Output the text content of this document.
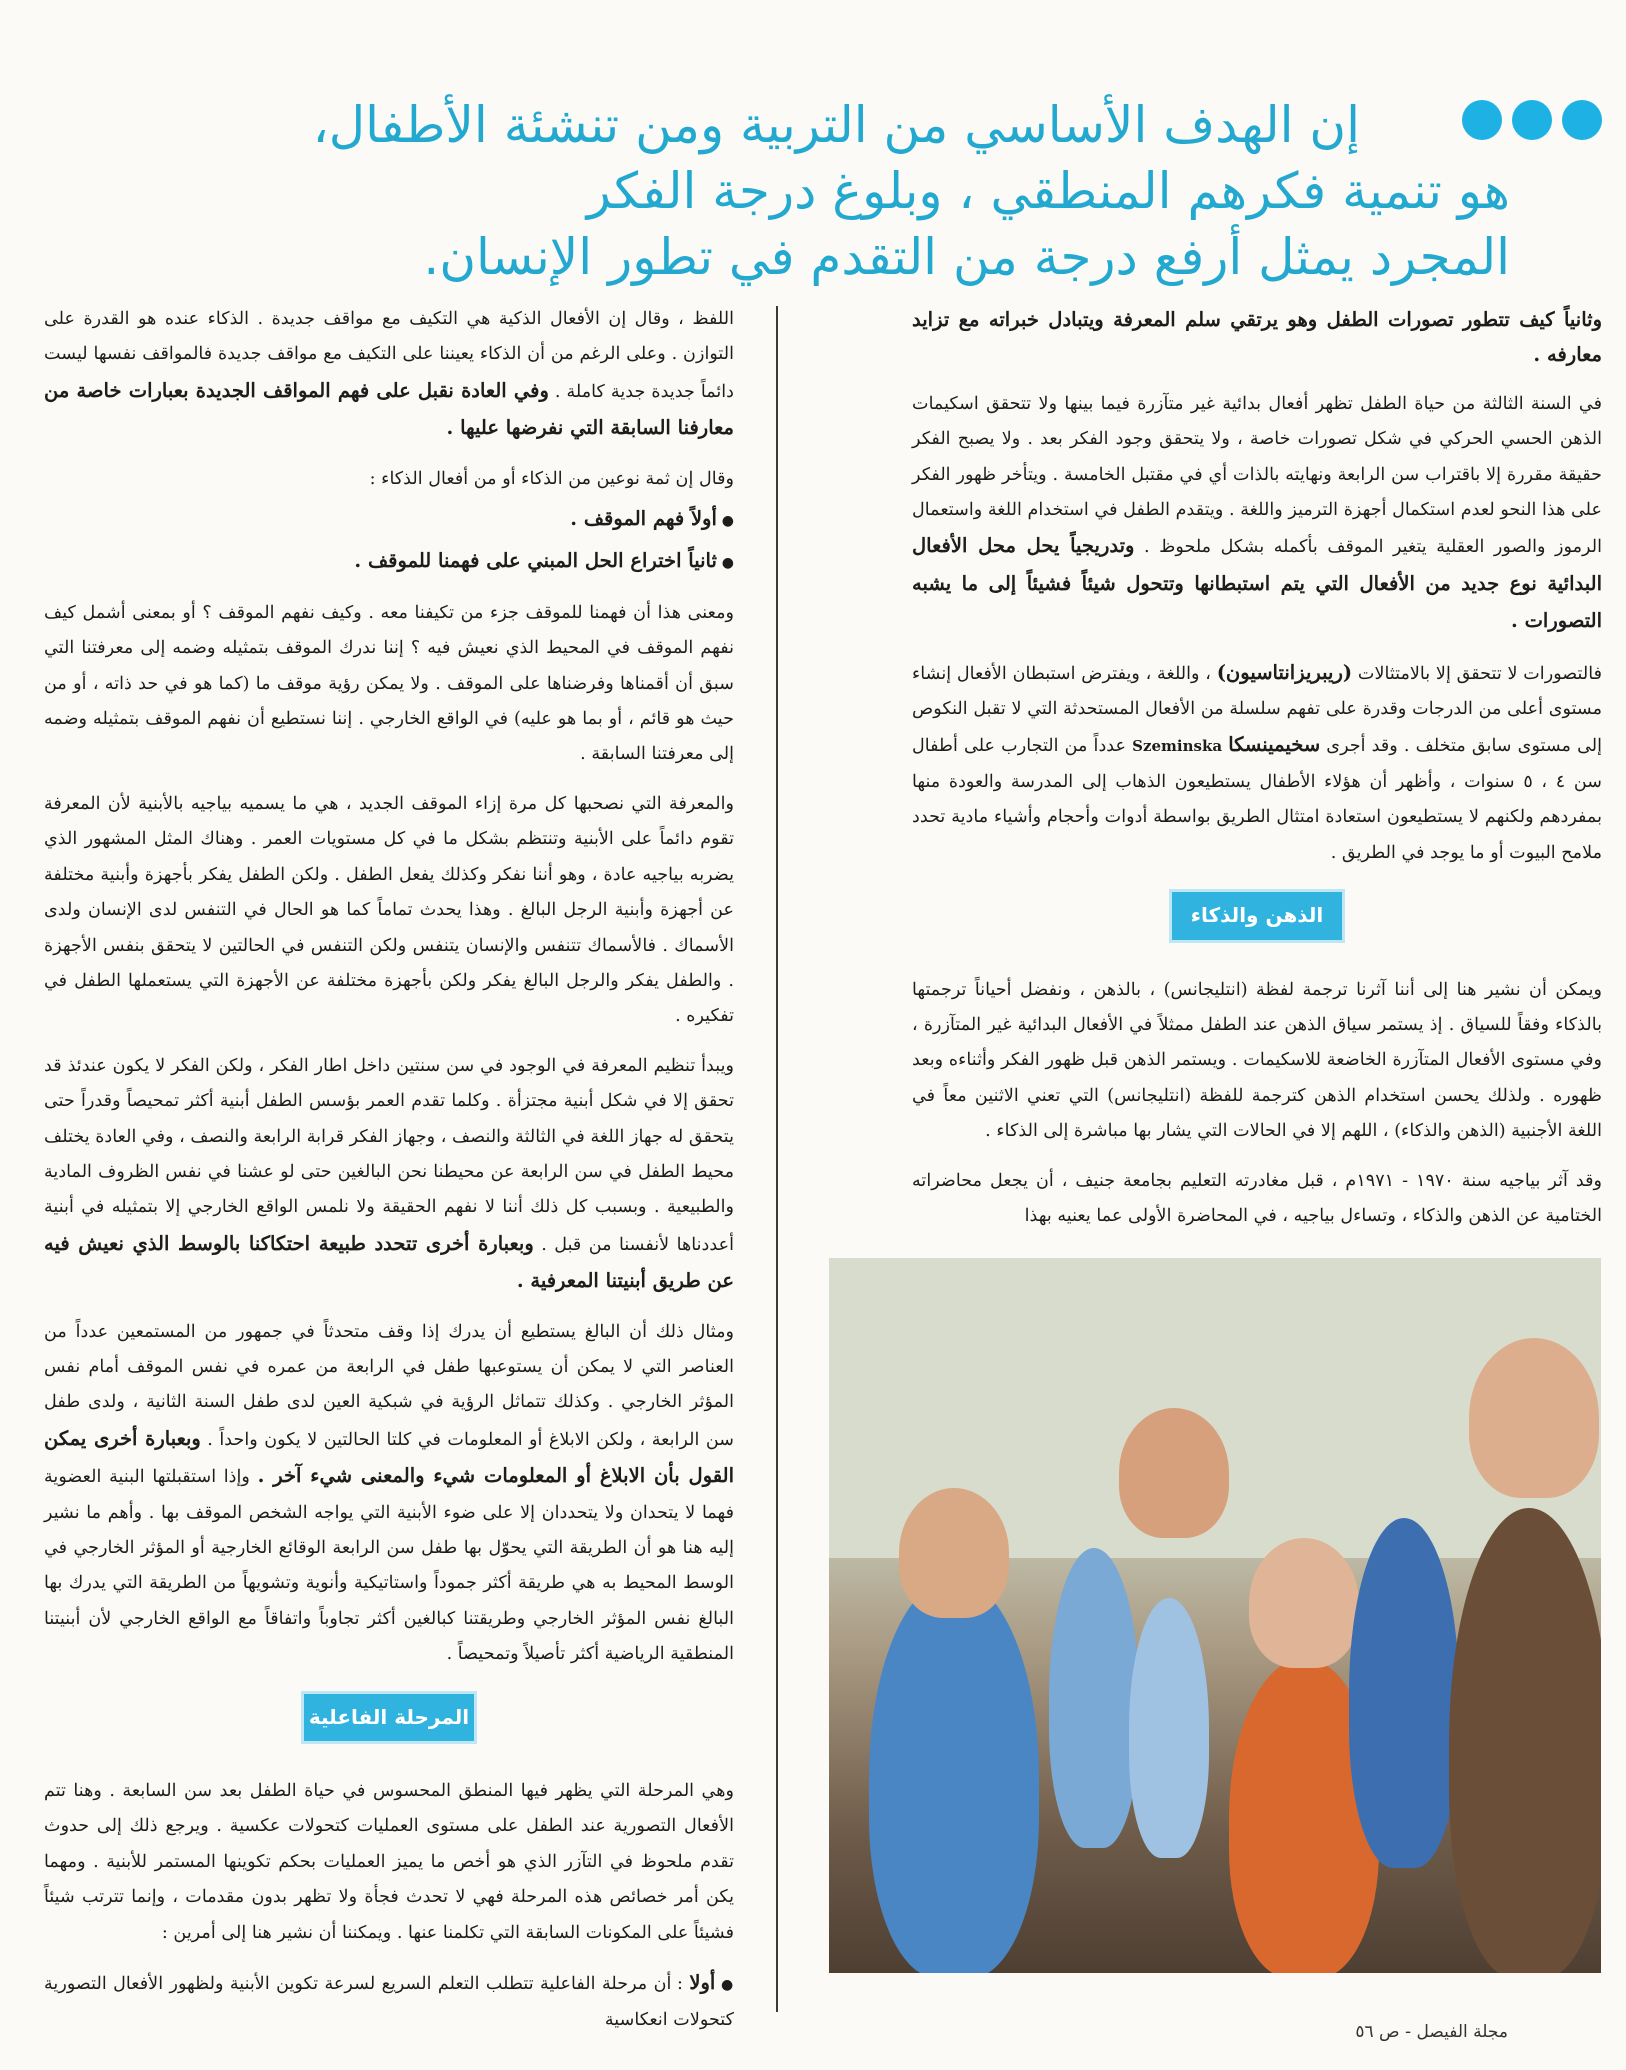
إن الهدف الأساسي من التربية ومن تنشئة الأطفال،
هو تنمية فكرهم المنطقي ، وبلوغ درجة الفكر
المجرد يمثل أرفع درجة من التقدم في تطور الإنسان.

وثانياً كيف تتطور تصورات الطفل وهو يرتقي سلم المعرفة ويتبادل خبراته مع تزايد معارفه .

في السنة الثالثة من حياة الطفل تظهر أفعال بدائية غير متآزرة فيما بينها ولا تتحقق اسكيمات الذهن الحسي الحركي في شكل تصورات خاصة ، ولا يتحقق وجود الفكر بعد . ولا يصبح الفكر حقيقة مقررة إلا باقتراب سن الرابعة ونهايته بالذات أي في مقتبل الخامسة . ويتأخر ظهور الفكر على هذا النحو لعدم استكمال أجهزة الترميز واللغة . ويتقدم الطفل في استخدام اللغة واستعمال الرموز والصور العقلية يتغير الموقف بأكمله بشكل ملحوظ . وتدريجياً يحل محل الأفعال البدائية نوع جديد من الأفعال التي يتم استبطانها وتتحول شيئاً فشيئاً إلى ما يشبه التصورات .

فالتصورات لا تتحقق إلا بالامتثالات (ريبريزانتاسيون) ، واللغة ، ويفترض استبطان الأفعال إنشاء مستوى أعلى من الدرجات وقدرة على تفهم سلسلة من الأفعال المستحدثة التي لا تقبل النكوص إلى مستوى سابق متخلف . وقد أجرى سخيمينسكا Szeminska عدداً من التجارب على أطفال سن ٤ ، ٥ سنوات ، وأظهر أن هؤلاء الأطفال يستطيعون الذهاب إلى المدرسة والعودة منها بمفردهم ولكنهم لا يستطيعون استعادة امتثال الطريق بواسطة أدوات وأحجام وأشياء مادية تحدد ملامح البيوت أو ما يوجد في الطريق .

الذهن والذكاء

ويمكن أن نشير هنا إلى أننا آثرنا ترجمة لفظة (انتليجانس) ، بالذهن ، ونفضل أحياناً ترجمتها بالذكاء وفقاً للسياق . إذ يستمر سياق الذهن عند الطفل ممثلاً في الأفعال البدائية غير المتآزرة ، وفي مستوى الأفعال المتآزرة الخاضعة للاسكيمات . ويستمر الذهن قبل ظهور الفكر وأثناءه وبعد ظهوره . ولذلك يحسن استخدام الذهن كترجمة للفظة (انتليجانس) التي تعني الاثنين معاً في اللغة الأجنبية (الذهن والذكاء) ، اللهم إلا في الحالات التي يشار بها مباشرة إلى الذكاء .

وقد آثر بياجيه سنة ١٩٧٠ - ١٩٧١م ، قبل مغادرته التعليم بجامعة جنيف ، أن يجعل محاضراته الختامية عن الذهن والذكاء ، وتساءل بياجيه ، في المحاضرة الأولى عما يعنيه بهذا

اللفظ ، وقال إن الأفعال الذكية هي التكيف مع مواقف جديدة . الذكاء عنده هو القدرة على التوازن . وعلى الرغم من أن الذكاء يعيننا على التكيف مع مواقف جديدة فالمواقف نفسها ليست دائماً جديدة جدية كاملة . وفي العادة نقبل على فهم المواقف الجديدة بعبارات خاصة من معارفنا السابقة التي نفرضها عليها .

وقال إن ثمة نوعين من الذكاء أو من أفعال الذكاء :

● أولاً فهم الموقف .

● ثانياً اختراع الحل المبني على فهمنا للموقف .

ومعنى هذا أن فهمنا للموقف جزء من تكيفنا معه . وكيف نفهم الموقف ؟ أو بمعنى أشمل كيف نفهم الموقف في المحيط الذي نعيش فيه ؟ إننا ندرك الموقف بتمثيله وضمه إلى معرفتنا التي سبق أن أقمناها وفرضناها على الموقف . ولا يمكن رؤية موقف ما (كما هو في حد ذاته ، أو من حيث هو قائم ، أو بما هو عليه) في الواقع الخارجي . إننا نستطيع أن نفهم الموقف بتمثيله وضمه إلى معرفتنا السابقة .

والمعرفة التي نصحبها كل مرة إزاء الموقف الجديد ، هي ما يسميه بياجيه بالأبنية لأن المعرفة تقوم دائماً على الأبنية وتنتظم بشكل ما في كل مستويات العمر . وهناك المثل المشهور الذي يضربه بياجيه عادة ، وهو أننا نفكر وكذلك يفعل الطفل . ولكن الطفل يفكر بأجهزة وأبنية مختلفة عن أجهزة وأبنية الرجل البالغ . وهذا يحدث تماماً كما هو الحال في التنفس لدى الإنسان ولدى الأسماك . فالأسماك تتنفس والإنسان يتنفس ولكن التنفس في الحالتين لا يتحقق بنفس الأجهزة . والطفل يفكر والرجل البالغ يفكر ولكن بأجهزة مختلفة عن الأجهزة التي يستعملها الطفل في تفكيره .

ويبدأ تنظيم المعرفة في الوجود في سن سنتين داخل اطار الفكر ، ولكن الفكر لا يكون عندئذ قد تحقق إلا في شكل أبنية مجتزأة . وكلما تقدم العمر بؤسس الطفل أبنية أكثر تمحيصاً وقدراً حتى يتحقق له جهاز اللغة في الثالثة والنصف ، وجهاز الفكر قرابة الرابعة والنصف ، وفي العادة يختلف محيط الطفل في سن الرابعة عن محيطنا نحن البالغين حتى لو عشنا في نفس الظروف المادية والطبيعية . وبسبب كل ذلك أننا لا نفهم الحقيقة ولا نلمس الواقع الخارجي إلا بتمثيله في أبنية أعددناها لأنفسنا من قبل . وبعبارة أخرى تتحدد طبيعة احتكاكنا بالوسط الذي نعيش فيه عن طريق أبنيتنا المعرفية .

ومثال ذلك أن البالغ يستطيع أن يدرك إذا وقف متحدثاً في جمهور من المستمعين عدداً من العناصر التي لا يمكن أن يستوعبها طفل في الرابعة من عمره في نفس الموقف أمام نفس المؤثر الخارجي . وكذلك تتماثل الرؤية في شبكية العين لدى طفل السنة الثانية ، ولدى طفل سن الرابعة ، ولكن الابلاغ أو المعلومات في كلتا الحالتين لا يكون واحداً . وبعبارة أخرى يمكن القول بأن الابلاغ أو المعلومات شيء والمعنى شيء آخر . وإذا استقبلتها البنية العضوية فهما لا يتحدان ولا يتحددان إلا على ضوء الأبنية التي يواجه الشخص الموقف بها . وأهم ما نشير إليه هنا هو أن الطريقة التي يحوّل بها طفل سن الرابعة الوقائع الخارجية أو المؤثر الخارجي في الوسط المحيط به هي طريقة أكثر جموداً واستاتيكية وأنوية وتشويهاً من الطريقة التي يدرك بها البالغ نفس المؤثر الخارجي وطريقتنا كبالغين أكثر تجاوباً واتفاقاً مع الواقع الخارجي لأن أبنيتنا المنطقية الرياضية أكثر تأصيلاً وتمحيصاً .

المرحلة الفاعلية

وهي المرحلة التي يظهر فيها المنطق المحسوس في حياة الطفل بعد سن السابعة . وهنا تتم الأفعال التصورية عند الطفل على مستوى العمليات كتحولات عكسية . ويرجع ذلك إلى حدوث تقدم ملحوظ في التآزر الذي هو أخص ما يميز العمليات بحكم تكوينها المستمر للأبنية . ومهما يكن أمر خصائص هذه المرحلة فهي لا تحدث فجأة ولا تظهر بدون مقدمات ، وإنما تترتب شيئاً فشيئاً على المكونات السابقة التي تكلمنا عنها . ويمكننا أن نشير هنا إلى أمرين :

● أولا : أن مرحلة الفاعلية تتطلب التعلم السريع لسرعة تكوين الأبنية ولظهور الأفعال التصورية كتحولات انعكاسية

مجلة الفيصل - ص ٥٦
